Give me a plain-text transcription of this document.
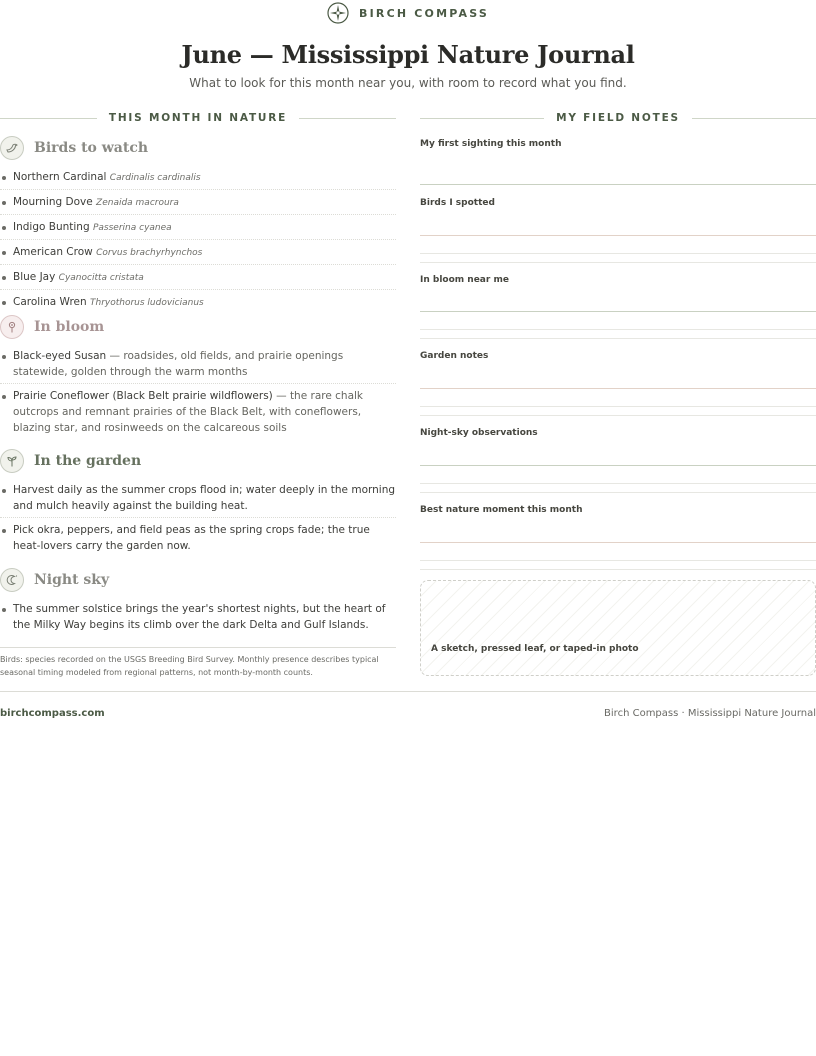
BIRCH COMPASS
June — Mississippi Nature Journal

What to look for this month near you, with room to record what you find.

THIS MONTH IN NATURE	MY FIELD NOTES
Birds to watch
Northern Cardinal Cardinalis cardinalis
Mourning Dove Zenaida macroura
Indigo Bunting Passerina cyanea
American Crow Corvus brachyrhynchos
Blue Jay Cyanocitta cristata
Carolina Wren Thryothorus ludovicianus
In bloom
Black-eyed Susan — roadsides, old fields, and prairie openings statewide, golden through the warm months
Prairie Coneflower (Black Belt prairie wildflowers) — the rare chalk outcrops and remnant prairies of the Black Belt, with coneflowers, blazing star, and rosinweeds on the calcareous soils
In the garden
Harvest daily as the summer crops flood in; water deeply in the morning and mulch heavily against the building heat.
Pick okra, peppers, and field peas as the spring crops fade; the true heat-lovers carry the garden now.
Night sky
The summer solstice brings the year's shortest nights, but the heart of the Milky Way begins its climb over the dark Delta and Gulf Islands.
Birds: species recorded on the USGS Breeding Bird Survey. Monthly presence describes typical seasonal timing modeled from regional patterns, not month-by-month counts.
My first sighting this month
Birds I spotted
In bloom near me
Garden notes
Night-sky observations
Best nature moment this month
A sketch, pressed leaf, or taped-in photo
birchcompass.com	Birch Compass · Mississippi Nature Journal
